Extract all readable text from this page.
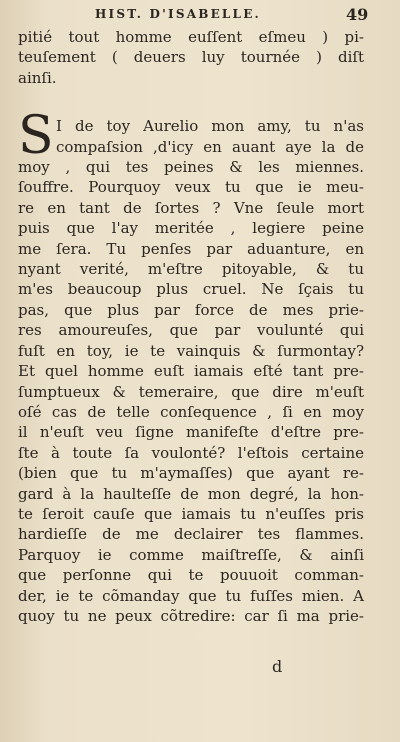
HIST. D'ISABELLE.	49
pitié tout homme euſſent eſmeu ) pi-
teuſement ( deuers luy tournée ) diſt
ainſi.
S I de toy Aurelio mon amy, tu n'as
compaſsion ,d'icy en auant aye la de
moy , qui tes peines & les miennes.
ſouffre. Pourquoy veux tu que ie meu-
re en tant de ſortes ? Vne ſeule mort
puis que l'ay meritée , legiere peine
me ſera. Tu penſes par aduanture, en
nyant verité, m'eſtre pitoyable, & tu
m'es beaucoup plus cruel. Ne ſçais tu
pas, que plus par force de mes prie-
res amoureuſes, que par voulunté qui
fuſt en toy, ie te vainquis & ſurmontay?
Et quel homme euſt iamais eſté tant pre-
ſumptueux & temeraire, que dire m'euſt
oſé cas de telle conſequence , ſi en moy
il n'euſt veu ſigne manifeſte d'eſtre pre-
ſte à toute ſa voulonté? l'eſtois certaine
(bien que tu m'aymaſſes) que ayant re-
gard à la haulteſſe de mon degré, la hon-
te ſeroit cauſe que iamais tu n'euſſes pris
hardieſſe de me declairer tes flammes.
Parquoy ie comme maiſtreſſe, & ainſi
que perſonne qui te pouuoit comman-
der, ie te cõmanday que tu fuſſes mien. A
quoy tu ne peux cõtredire: car ſi ma prie-
d
